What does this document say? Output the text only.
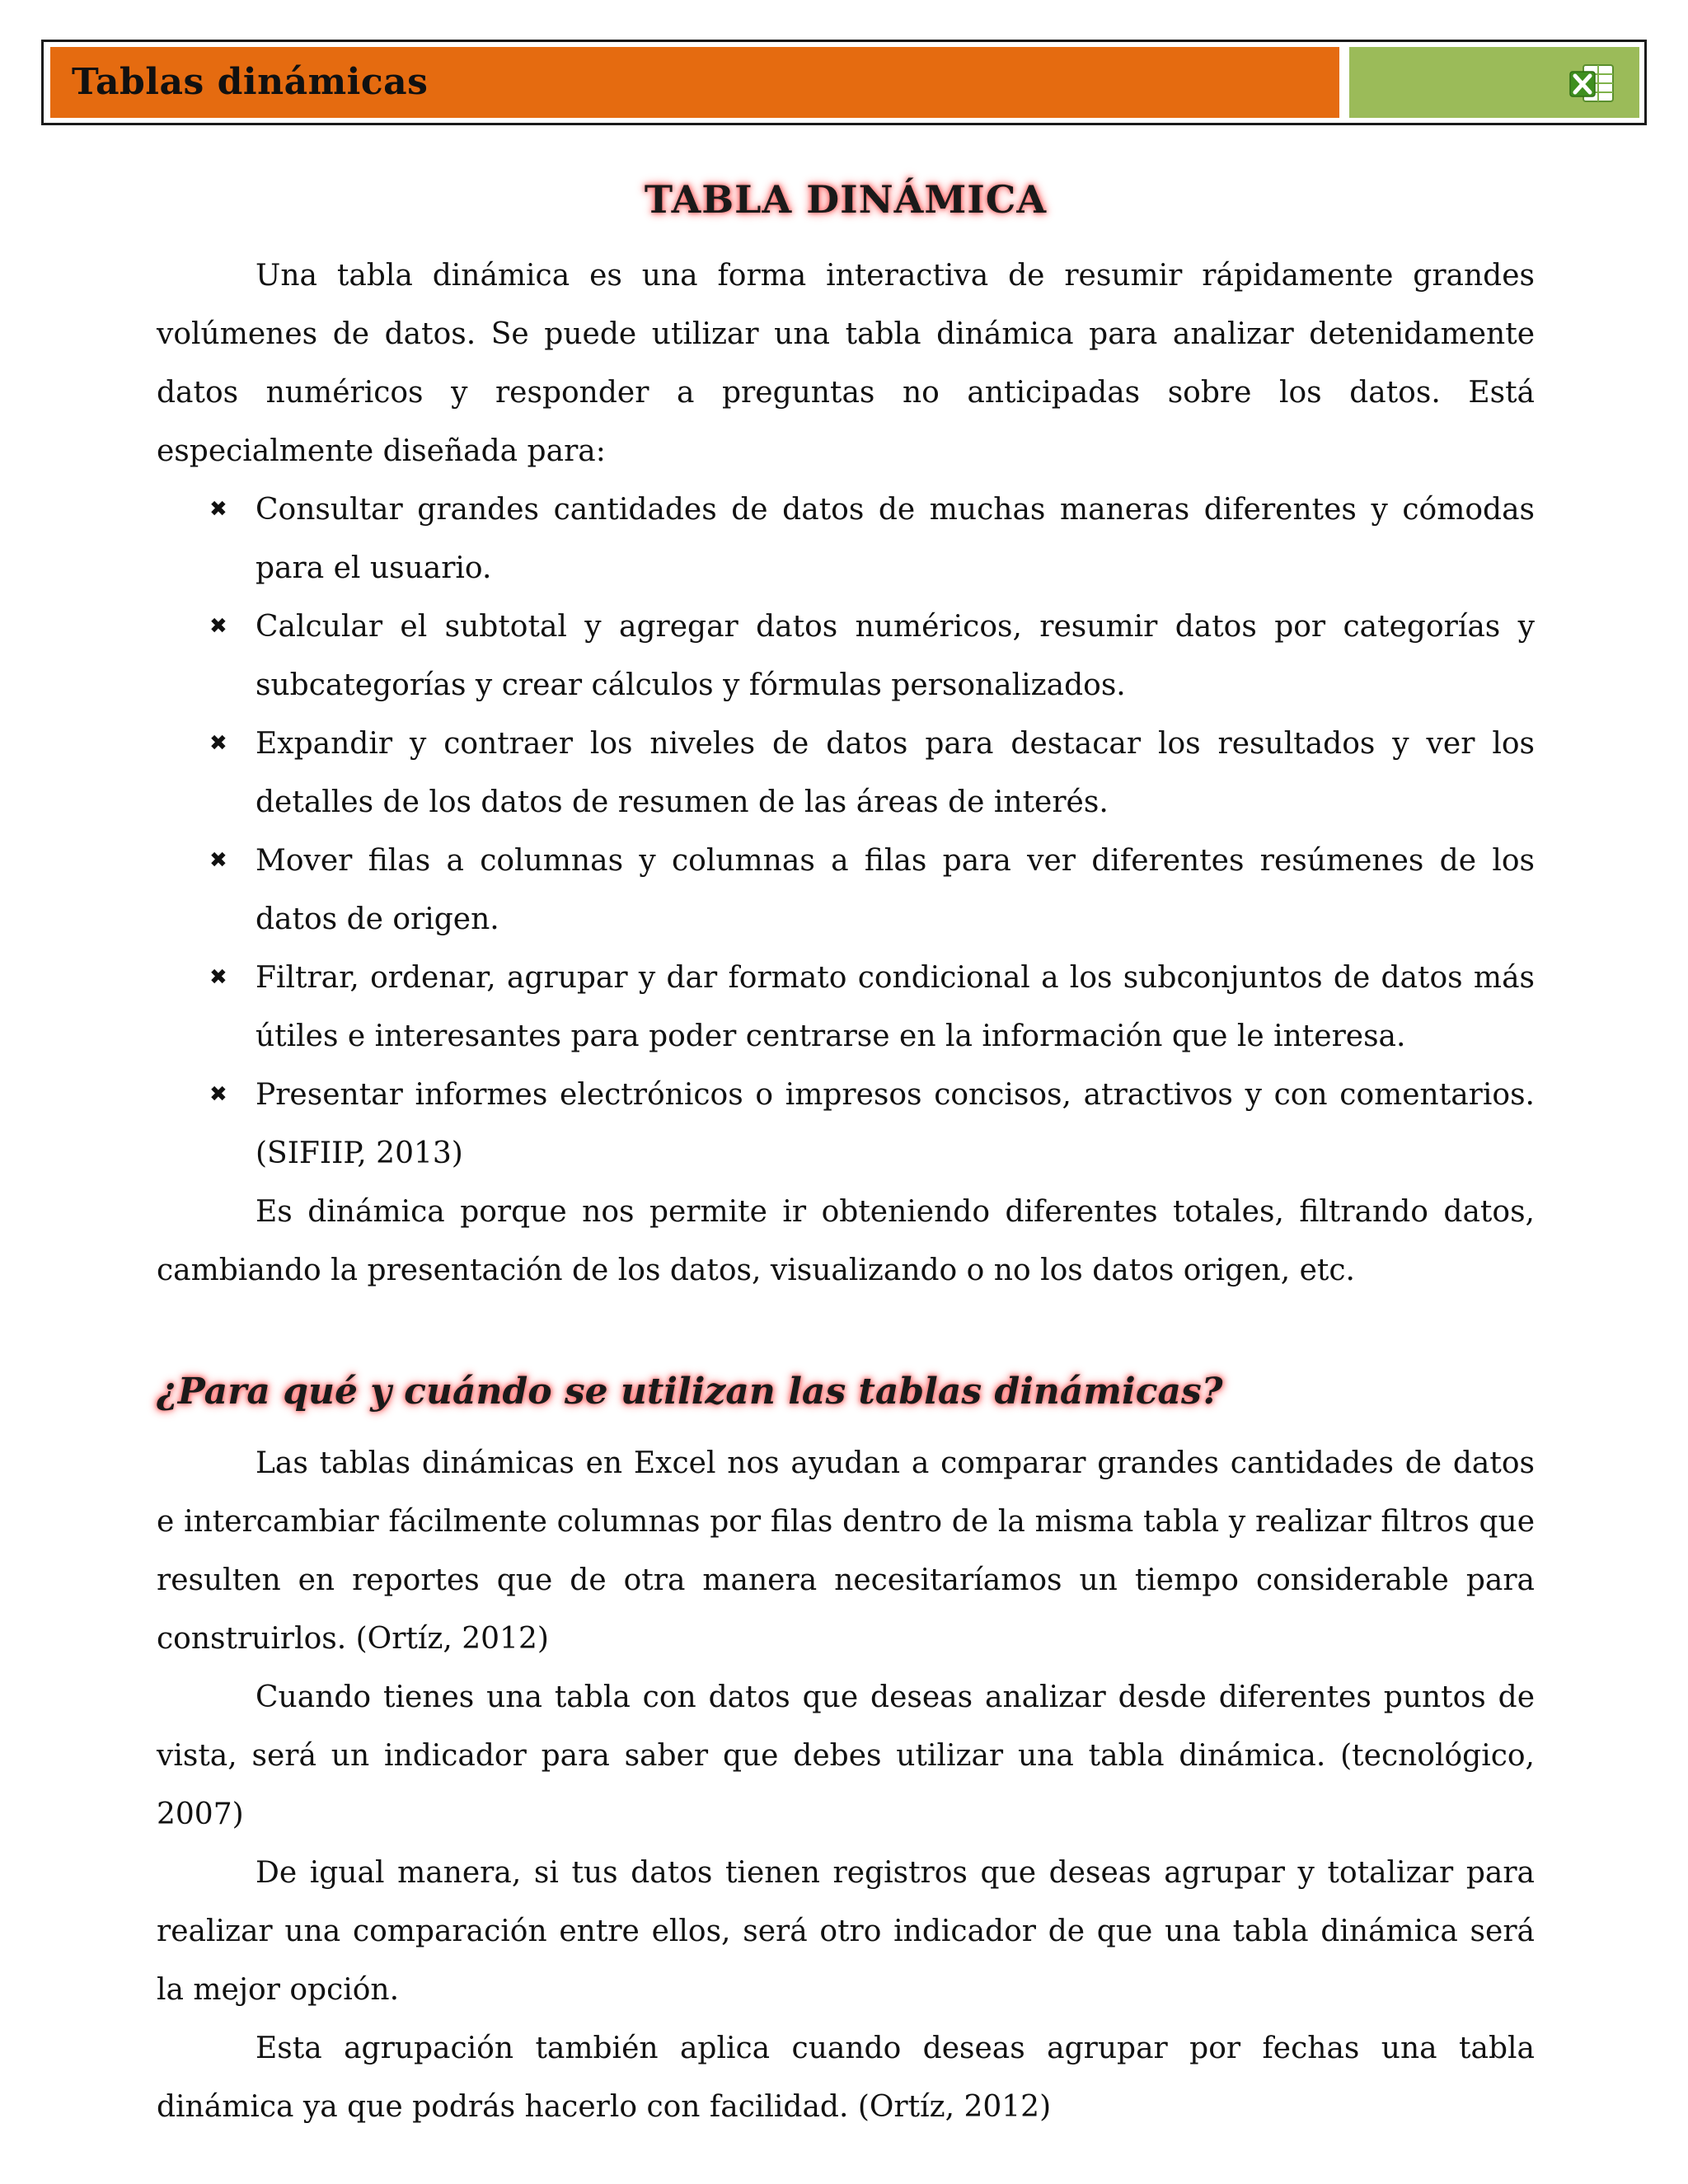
Tablas dinámicas
TABLA DINÁMICA

Una tabla dinámica es una forma interactiva de resumir rápidamente grandes volúmenes de datos. Se puede utilizar una tabla dinámica para analizar detenidamente datos numéricos y responder a preguntas no anticipadas sobre los datos. Está especialmente diseñada para:

✖ Consultar grandes cantidades de datos de muchas maneras diferentes y cómodas para el usuario.
✖ Calcular el subtotal y agregar datos numéricos, resumir datos por categorías y subcategorías y crear cálculos y fórmulas personalizados.
✖ Expandir y contraer los niveles de datos para destacar los resultados y ver los detalles de los datos de resumen de las áreas de interés.
✖ Mover filas a columnas y columnas a filas para ver diferentes resúmenes de los datos de origen.
✖ Filtrar, ordenar, agrupar y dar formato condicional a los subconjuntos de datos más útiles e interesantes para poder centrarse en la información que le interesa.
✖ Presentar informes electrónicos o impresos concisos, atractivos y con comentarios. (SIFIIP, 2013)

Es dinámica porque nos permite ir obteniendo diferentes totales, filtrando datos, cambiando la presentación de los datos, visualizando o no los datos origen, etc.

¿Para qué y cuándo se utilizan las tablas dinámicas?

Las tablas dinámicas en Excel nos ayudan a comparar grandes cantidades de datos e intercambiar fácilmente columnas por filas dentro de la misma tabla y realizar filtros que resulten en reportes que de otra manera necesitaríamos un tiempo considerable para construirlos. (Ortíz, 2012)

Cuando tienes una tabla con datos que deseas analizar desde diferentes puntos de vista, será un indicador para saber que debes utilizar una tabla dinámica. (tecnológico, 2007)

De igual manera, si tus datos tienen registros que deseas agrupar y totalizar para realizar una comparación entre ellos, será otro indicador de que una tabla dinámica será la mejor opción.

Esta agrupación también aplica cuando deseas agrupar por fechas una tabla dinámica ya que podrás hacerlo con facilidad. (Ortíz, 2012)
